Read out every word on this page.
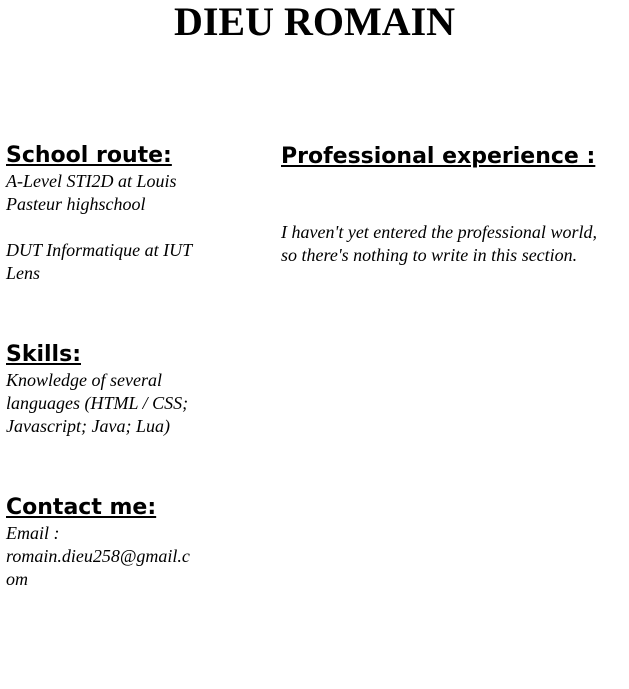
DIEU ROMAIN
School route:

A-Level STI2D at Louis Pasteur highschool

DUT Informatique at IUT Lens

Skills:

Knowledge of several languages (HTML / CSS; Javascript; Java; Lua)

Contact me:

Email :

romain.dieu258@gmail.com

Professional experience :

I haven't yet entered the professional world, so there's nothing to write in this section.
